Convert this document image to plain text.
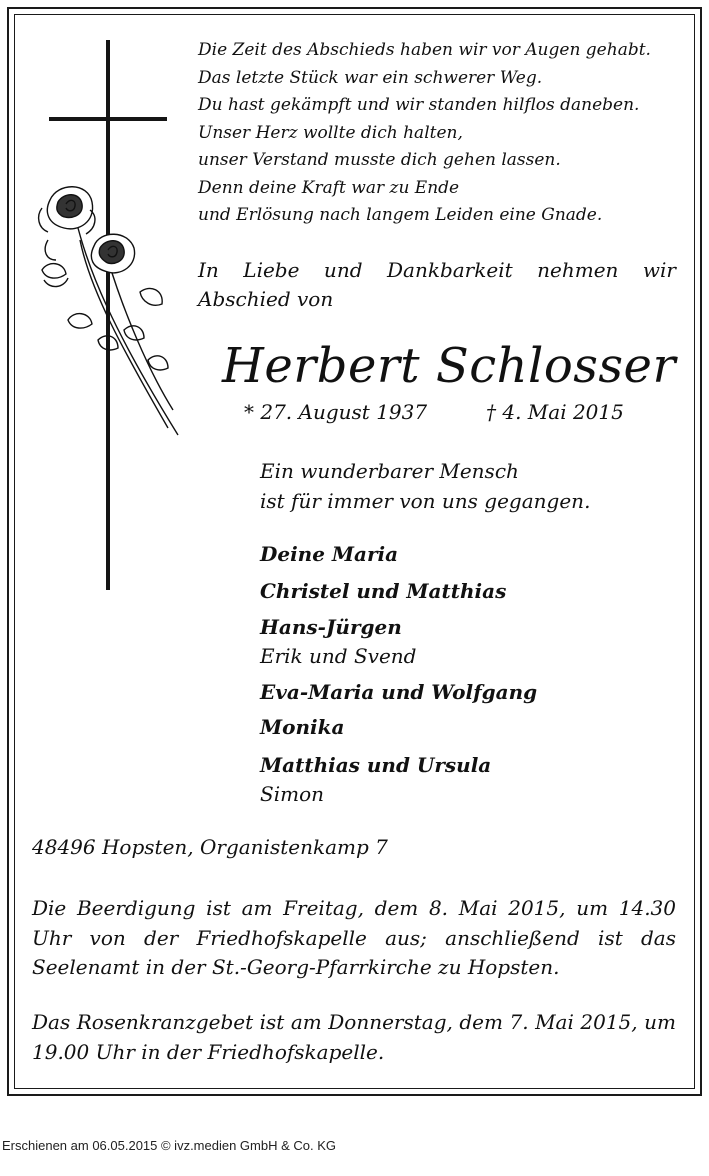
Die Zeit des Abschieds haben wir vor Augen gehabt.
Das letzte Stück war ein schwerer Weg.
Du hast gekämpft und wir standen hilflos daneben.
Unser Herz wollte dich halten,
unser Verstand musste dich gehen lassen.
Denn deine Kraft war zu Ende
und Erlösung nach langem Leiden eine Gnade.
In Liebe und Dankbarkeit nehmen wir Abschied von
Herbert Schlosser
* 27. August 1937	† 4. Mai 2015
Ein wunderbarer Mensch
ist für immer von uns gegangen.
Deine Maria
Christel und Matthias
Hans-Jürgen
Erik und Svend
Eva-Maria und Wolfgang
Monika
Matthias und Ursula
Simon
48496 Hopsten, Organistenkamp 7
Die Beerdigung ist am Freitag, dem 8. Mai 2015, um 14.30 Uhr von der Friedhofskapelle aus; anschließend ist das Seelenamt in der St.-Georg-Pfarrkirche zu Hopsten.
Das Rosenkranzgebet ist am Donnerstag, dem 7. Mai 2015, um 19.00 Uhr in der Friedhofskapelle.
Erschienen am 06.05.2015 © ivz.medien GmbH & Co. KG
